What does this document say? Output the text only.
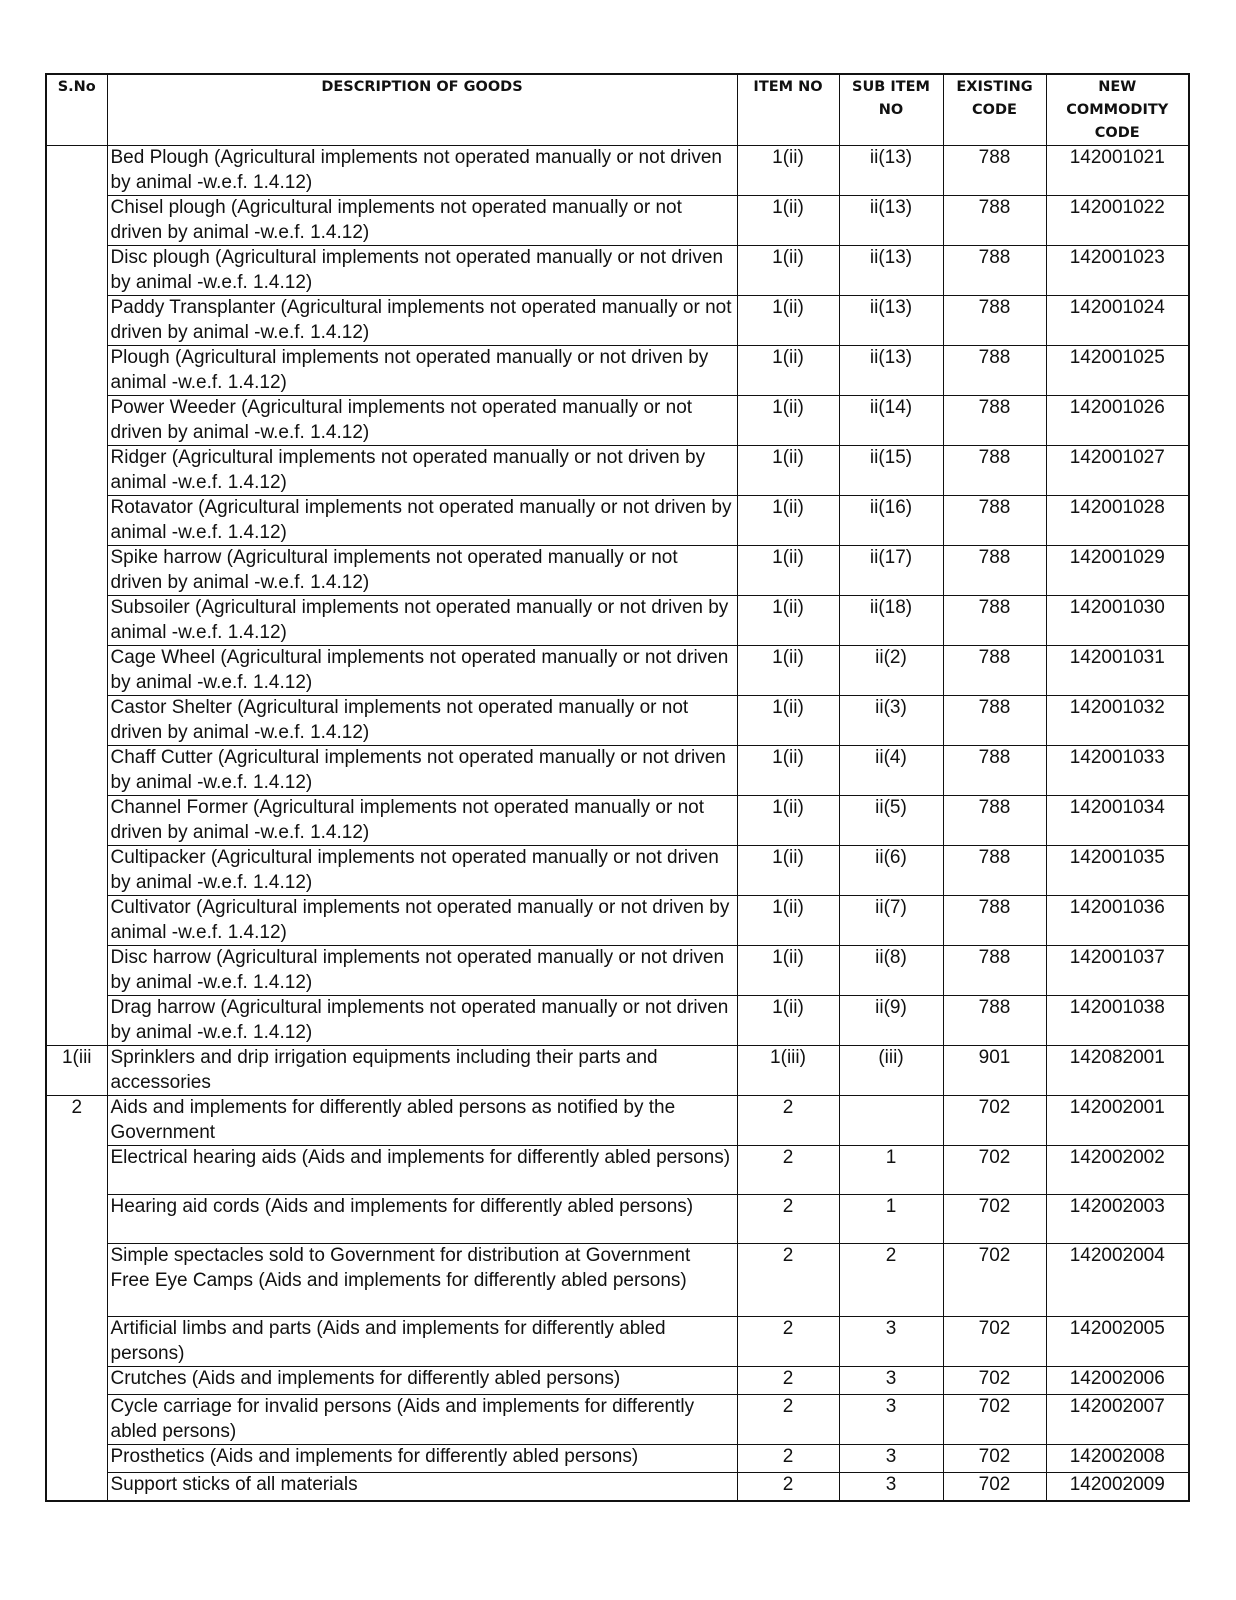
S.No	DESCRIPTION OF GOODS	ITEM NO	SUB ITEM NO	EXISTING CODE	NEW COMMODITY CODE
	Bed Plough (Agricultural implements not operated manually or not driven by animal -w.e.f. 1.4.12)	1(ii)	ii(13)	788	142001021
	Chisel plough (Agricultural implements not operated manually or not driven by animal -w.e.f. 1.4.12)	1(ii)	ii(13)	788	142001022
	Disc plough (Agricultural implements not operated manually or not driven by animal -w.e.f. 1.4.12)	1(ii)	ii(13)	788	142001023
	Paddy Transplanter (Agricultural implements not operated manually or not driven by animal -w.e.f. 1.4.12)	1(ii)	ii(13)	788	142001024
	Plough (Agricultural implements not operated manually or not driven by animal -w.e.f. 1.4.12)	1(ii)	ii(13)	788	142001025
	Power Weeder (Agricultural implements not operated manually or not driven by animal -w.e.f. 1.4.12)	1(ii)	ii(14)	788	142001026
	Ridger (Agricultural implements not operated manually or not driven by animal -w.e.f. 1.4.12)	1(ii)	ii(15)	788	142001027
	Rotavator (Agricultural implements not operated manually or not driven by animal -w.e.f. 1.4.12)	1(ii)	ii(16)	788	142001028
	Spike harrow (Agricultural implements not operated manually or not driven by animal -w.e.f. 1.4.12)	1(ii)	ii(17)	788	142001029
	Subsoiler (Agricultural implements not operated manually or not driven by animal -w.e.f. 1.4.12)	1(ii)	ii(18)	788	142001030
	Cage Wheel (Agricultural implements not operated manually or not driven by animal -w.e.f. 1.4.12)	1(ii)	ii(2)	788	142001031
	Castor Shelter (Agricultural implements not operated manually or not driven by animal -w.e.f. 1.4.12)	1(ii)	ii(3)	788	142001032
	Chaff Cutter (Agricultural implements not operated manually or not driven by animal -w.e.f. 1.4.12)	1(ii)	ii(4)	788	142001033
	Channel Former (Agricultural implements not operated manually or not driven by animal -w.e.f. 1.4.12)	1(ii)	ii(5)	788	142001034
	Cultipacker (Agricultural implements not operated manually or not driven by animal -w.e.f. 1.4.12)	1(ii)	ii(6)	788	142001035
	Cultivator (Agricultural implements not operated manually or not driven by animal -w.e.f. 1.4.12)	1(ii)	ii(7)	788	142001036
	Disc harrow (Agricultural implements not operated manually or not driven by animal -w.e.f. 1.4.12)	1(ii)	ii(8)	788	142001037
	Drag harrow (Agricultural implements not operated manually or not driven by animal -w.e.f. 1.4.12)	1(ii)	ii(9)	788	142001038
1(iii	Sprinklers and drip irrigation equipments including their parts and accessories	1(iii)	(iii)	901	142082001
2	Aids and implements for differently abled persons as notified by the Government	2		702	142002001
	Electrical hearing aids (Aids and implements for differently abled persons)	2	1	702	142002002
	Hearing aid cords (Aids and implements for differently abled persons)	2	1	702	142002003
	Simple spectacles sold to Government for distribution at Government Free Eye Camps (Aids and implements for differently abled persons)	2	2	702	142002004
	Artificial limbs and parts (Aids and implements for differently abled persons)	2	3	702	142002005
	Crutches (Aids and implements for differently abled persons)	2	3	702	142002006
	Cycle carriage for invalid persons (Aids and implements for differently abled persons)	2	3	702	142002007
	Prosthetics (Aids and implements for differently abled persons)	2	3	702	142002008
	Support sticks of all materials	2	3	702	142002009
